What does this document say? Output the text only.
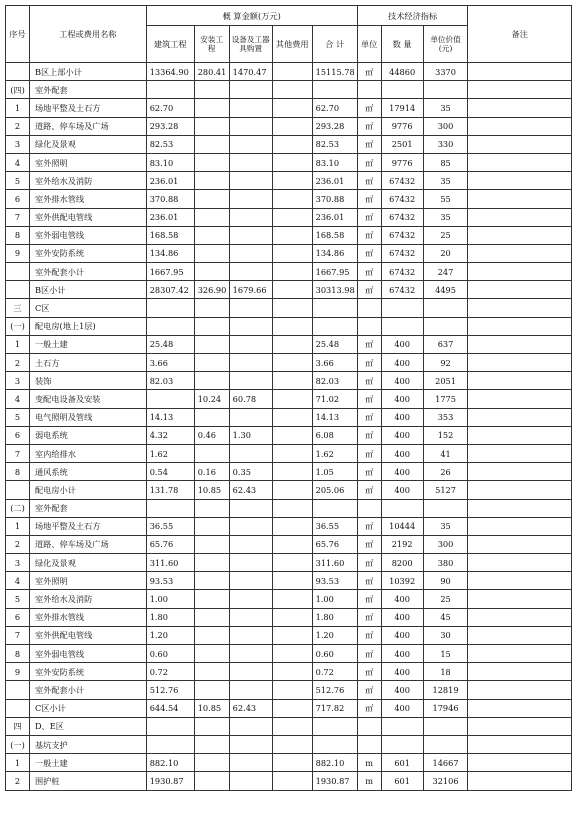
序号	工程或费用名称	概 算金额(万元)					技术经济指标			备注
		建筑工程	安装工程	设备及工器具购置	其他费用	合 计	单位	数 量	单位价值(元)	
	B区上部小计	13364.90	280.41	1470.47		15115.78	㎡	44860	3370	
(四)	室外配套									
1	场地平整及土石方	62.70				62.70	㎡	17914	35	
2	道路、停车场及广场	293.28				293.28	㎡	9776	300	
3	绿化及景观	82.53				82.53	㎡	2501	330	
4	室外照明	83.10				83.10	㎡	9776	85	
5	室外给水及消防	236.01				236.01	㎡	67432	35	
6	室外排水管线	370.88				370.88	㎡	67432	55	
7	室外供配电管线	236.01				236.01	㎡	67432	35	
8	室外弱电管线	168.58				168.58	㎡	67432	25	
9	室外安防系统	134.86				134.86	㎡	67432	20	
	室外配套小计	1667.95				1667.95	㎡	67432	247	
	B区小计	28307.42	326.90	1679.66		30313.98	㎡	67432	4495	
三	C区									
(一)	配电房(地上1层)									
1	一般土建	25.48				25.48	㎡	400	637	
2	土石方	3.66				3.66	㎡	400	92	
3	装饰	82.03				82.03	㎡	400	2051	
4	变配电设备及安装		10.24	60.78		71.02	㎡	400	1775	
5	电气照明及管线	14.13				14.13	㎡	400	353	
6	弱电系统	4.32	0.46	1.30		6.08	㎡	400	152	
7	室内给排水	1.62				1.62	㎡	400	41	
8	通风系统	0.54	0.16	0.35		1.05	㎡	400	26	
	配电房小计	131.78	10.85	62.43		205.06	㎡	400	5127	
(二)	室外配套									
1	场地平整及土石方	36.55				36.55	㎡	10444	35	
2	道路、停车场及广场	65.76				65.76	㎡	2192	300	
3	绿化及景观	311.60				311.60	㎡	8200	380	
4	室外照明	93.53				93.53	㎡	10392	90	
5	室外给水及消防	1.00				1.00	㎡	400	25	
6	室外排水管线	1.80				1.80	㎡	400	45	
7	室外供配电管线	1.20				1.20	㎡	400	30	
8	室外弱电管线	0.60				0.60	㎡	400	15	
9	室外安防系统	0.72				0.72	㎡	400	18	
	室外配套小计	512.76				512.76	㎡	400	12819	
	C区小计	644.54	10.85	62.43		717.82	㎡	400	17946	
四	D、E区									
(一)	基坑支护									
1	一般土建	882.10				882.10	m	601	14667	
2	围护桩	1930.87				1930.87	m	601	32106	
